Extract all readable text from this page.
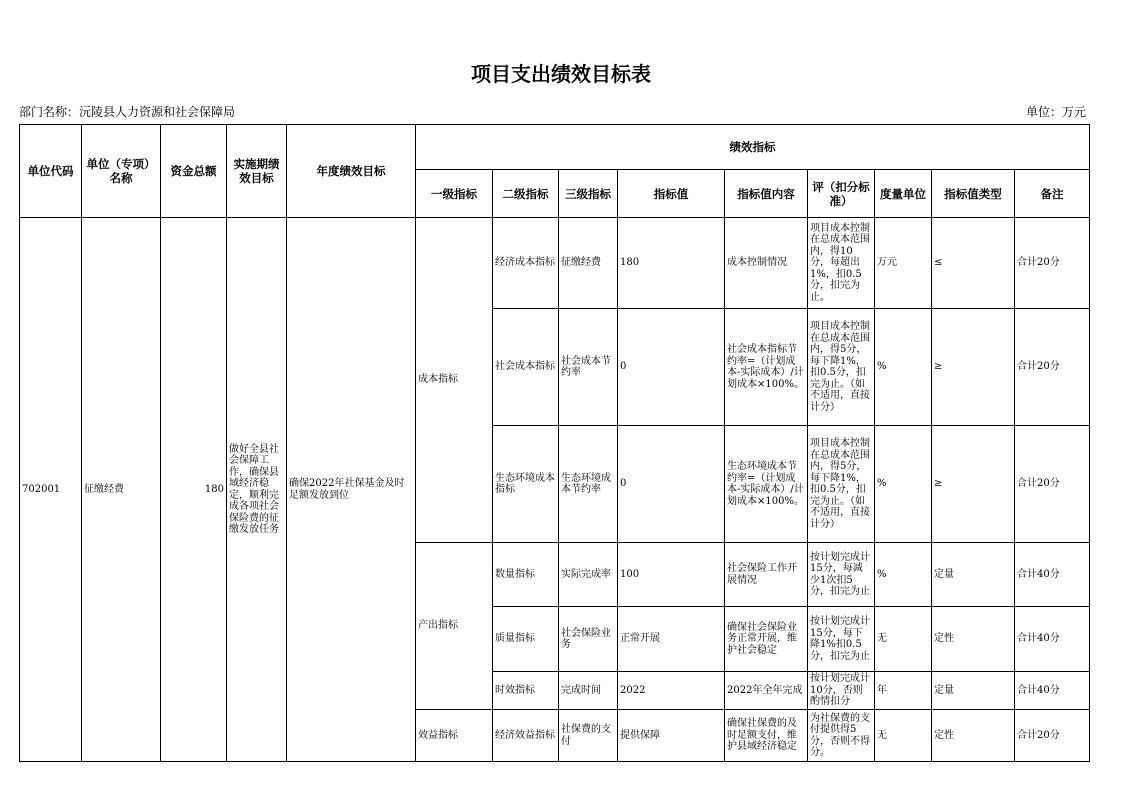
项目支出绩效目标表
部门名称：沅陵县人力资源和社会保障局	单位：万元
单位代码	单位（专项）名称	资金总额	实施期绩效目标	年度绩效目标	绩效指标								
					一级指标	二级指标	三级指标	指标值	指标值内容	评（扣分标准）	度量单位	指标值类型	备注
702001	征缴经费	180	做好全县社会保障工作，确保县域经济稳定，顺利完成各项社会保险费的征缴发放任务	确保2022年社保基金及时足额发放到位	成本指标	经济成本指标	征缴经费	180	成本控制情况	项目成本控制在总成本范围内，得10分，每超出1%，扣0.5分，扣完为止。	万元	≤	合计20分
						社会成本指标	社会成本节约率	0	社会成本指标节约率=（计划成本-实际成本）/计划成本×100%。	项目成本控制在总成本范围内，得5分，每下降1%，扣0.5分，扣完为止。（如不适用，直接计分）	%	≥	合计20分
						生态环境成本指标	生态环境成本节约率	0	生态环境成本节约率=（计划成本-实际成本）/计划成本×100%。	项目成本控制在总成本范围内，得5分，每下降1%，扣0.5分，扣完为止。（如不适用，直接计分）	%	≥	合计20分
					产出指标	数量指标	实际完成率	100	社会保险工作开展情况	按计划完成计15分，每减少1次扣5分，扣完为止	%	定量	合计40分
						质量指标	社会保险业务	正常开展	确保社会保险业务正常开展，维护社会稳定	按计划完成计15分，每下降1%扣0.5分，扣完为止	无	定性	合计40分
						时效指标	完成时间	2022	2022年全年完成	按计划完成计10分，否则酌情扣分	年	定量	合计40分
					效益指标	经济效益指标	社保费的支付	提供保障	确保社保费的及时足额支付，维护县域经济稳定	为社保费的支付提供得5分，否则不得分。	无	定性	合计20分
